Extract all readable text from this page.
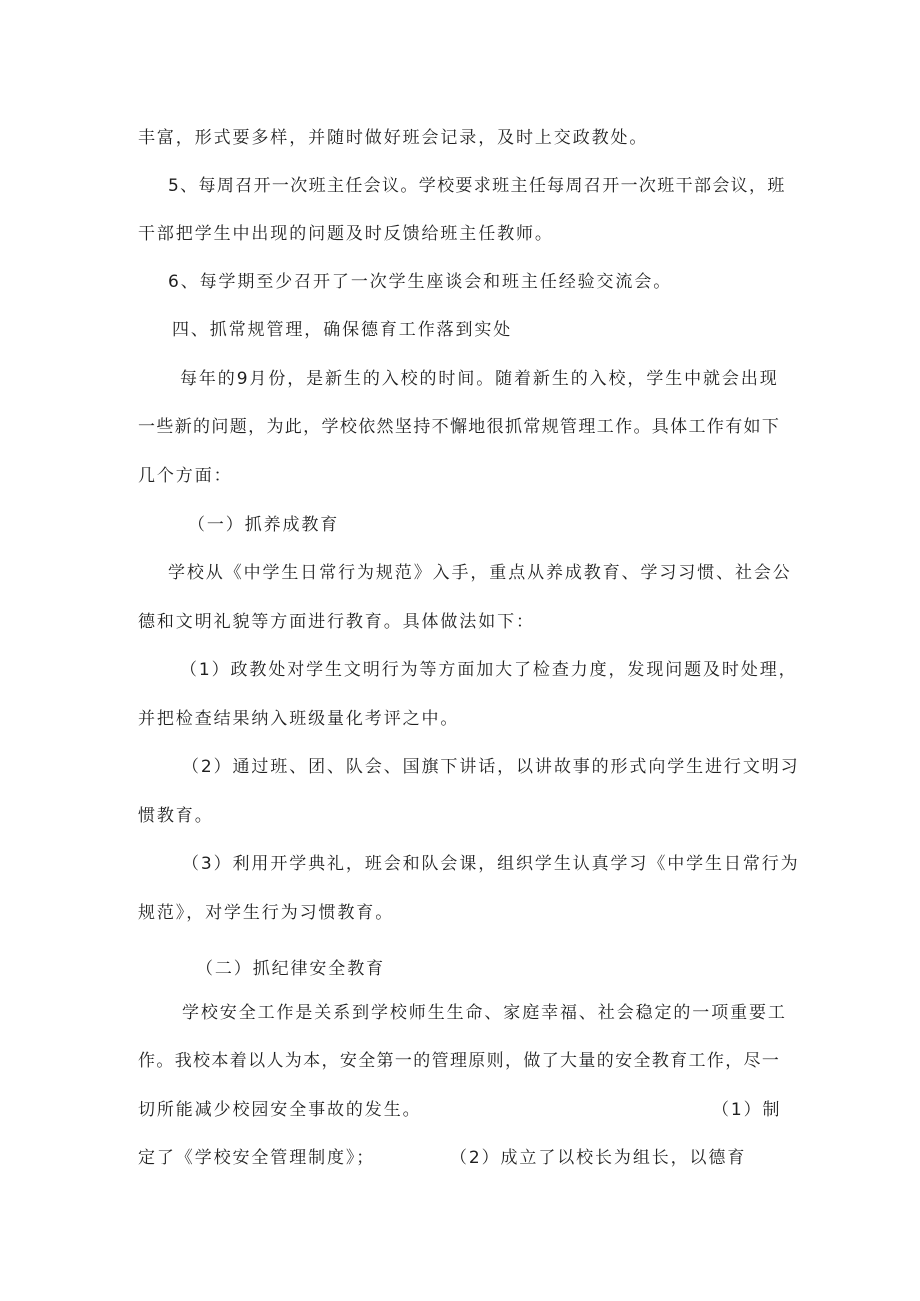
丰富，形式要多样，并随时做好班会记录，及时上交政教处。

5、每周召开一次班主任会议。学校要求班主任每周召开一次班干部会议，班

干部把学生中出现的问题及时反馈给班主任教师。

6、每学期至少召开了一次学生座谈会和班主任经验交流会。

四、抓常规管理，确保德育工作落到实处

每年的9月份，是新生的入校的时间。随着新生的入校，学生中就会出现

一些新的问题，为此，学校依然坚持不懈地很抓常规管理工作。具体工作有如下

几个方面：

（一）抓养成教育

学校从《中学生日常行为规范》入手，重点从养成教育、学习习惯、社会公

德和文明礼貌等方面进行教育。具体做法如下：

（1）政教处对学生文明行为等方面加大了检查力度，发现问题及时处理，

并把检查结果纳入班级量化考评之中。

（2）通过班、团、队会、国旗下讲话，以讲故事的形式向学生进行文明习

惯教育。

（3）利用开学典礼，班会和队会课，组织学生认真学习《中学生日常行为

规范》，对学生行为习惯教育。

（二）抓纪律安全教育

学校安全工作是关系到学校师生生命、家庭幸福、社会稳定的一项重要工

作。我校本着以人为本，安全第一的管理原则，做了大量的安全教育工作，尽一

切所能减少校园安全事故的发生。	（1）制

定了《学校安全管理制度》；	（2）成立了以校长为组长，以德育
